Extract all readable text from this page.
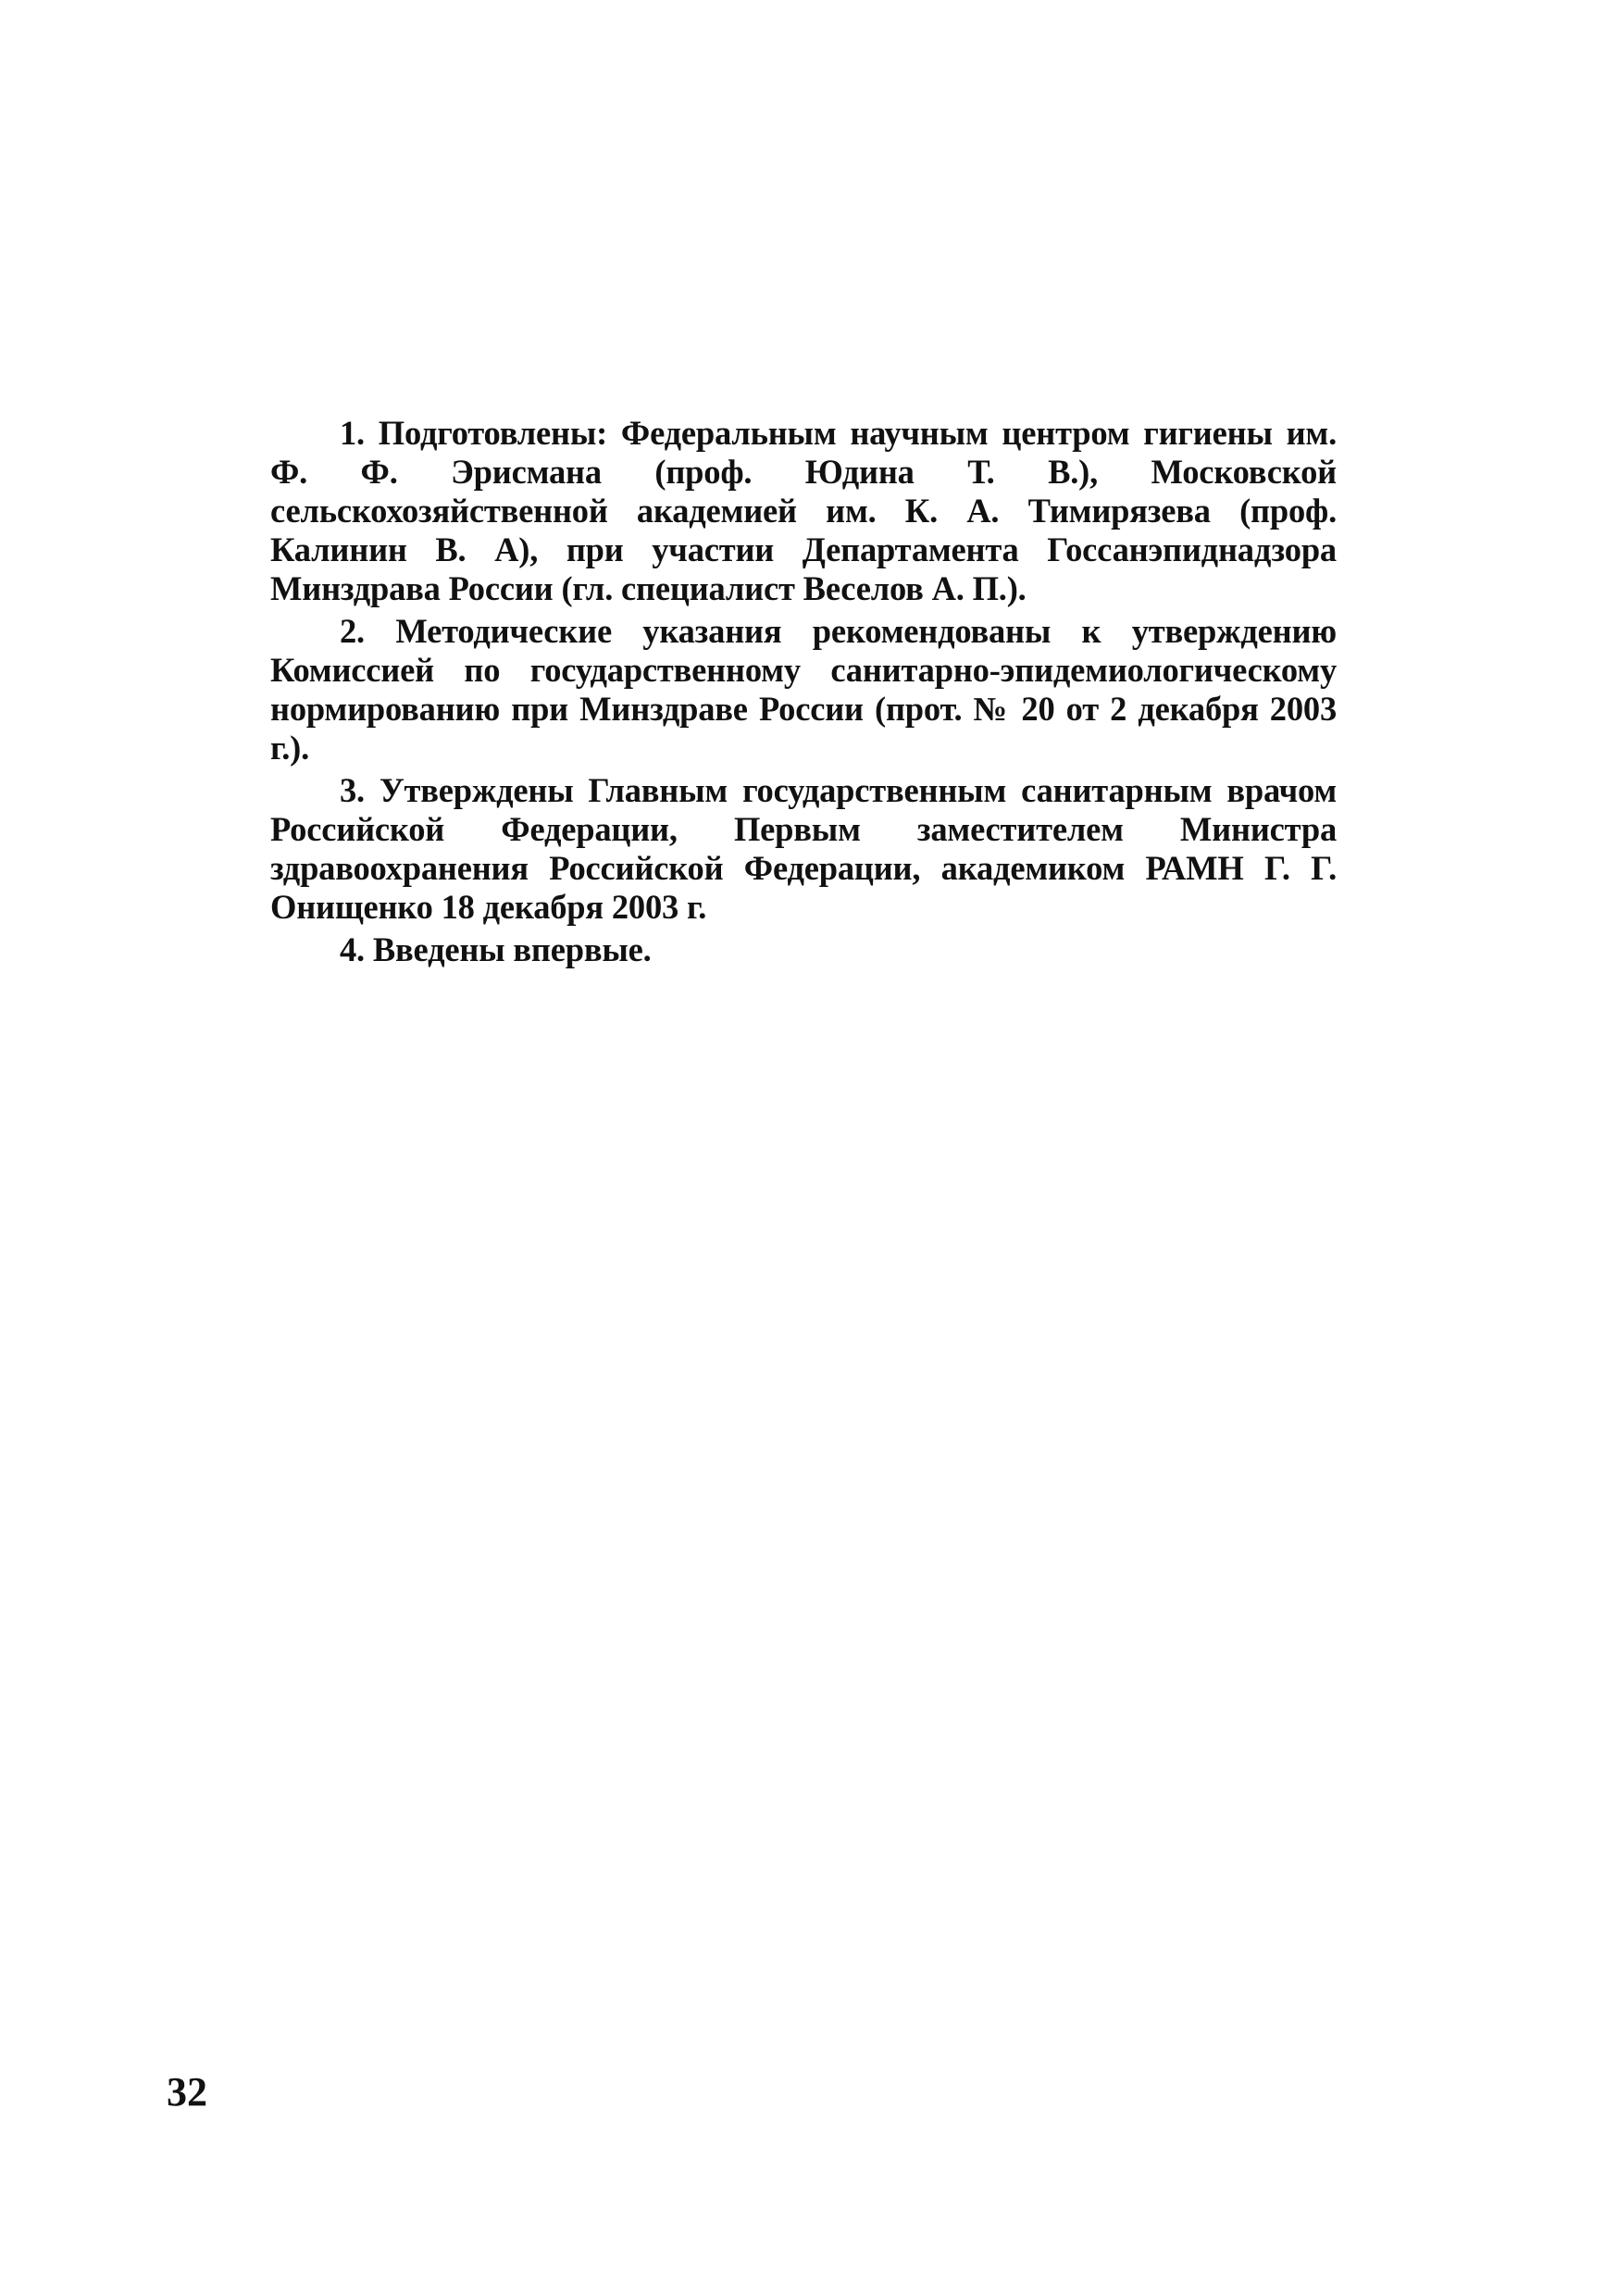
1. Подготовлены: Федеральным научным центром гигиены им. Ф. Ф. Эрисмана (проф. Юдина Т. В.), Московской сельскохозяйственной академией им. К. А. Тимирязева (проф. Калинин В. А), при участии Департамента Госсанэпиднадзора Минздрава России (гл. специалист Веселов А. П.).

2. Методические указания рекомендованы к утверждению Комиссией по государственному санитарно-эпидемиологическому нормированию при Минздраве России (прот. № 20 от 2 декабря 2003 г.).

3. Утверждены Главным государственным санитарным врачом Российской Федерации, Первым заместителем Министра здравоохранения Российской Федерации, академиком РАМН Г. Г. Онищенко 18 декабря 2003 г.

4. Введены впервые.

32
